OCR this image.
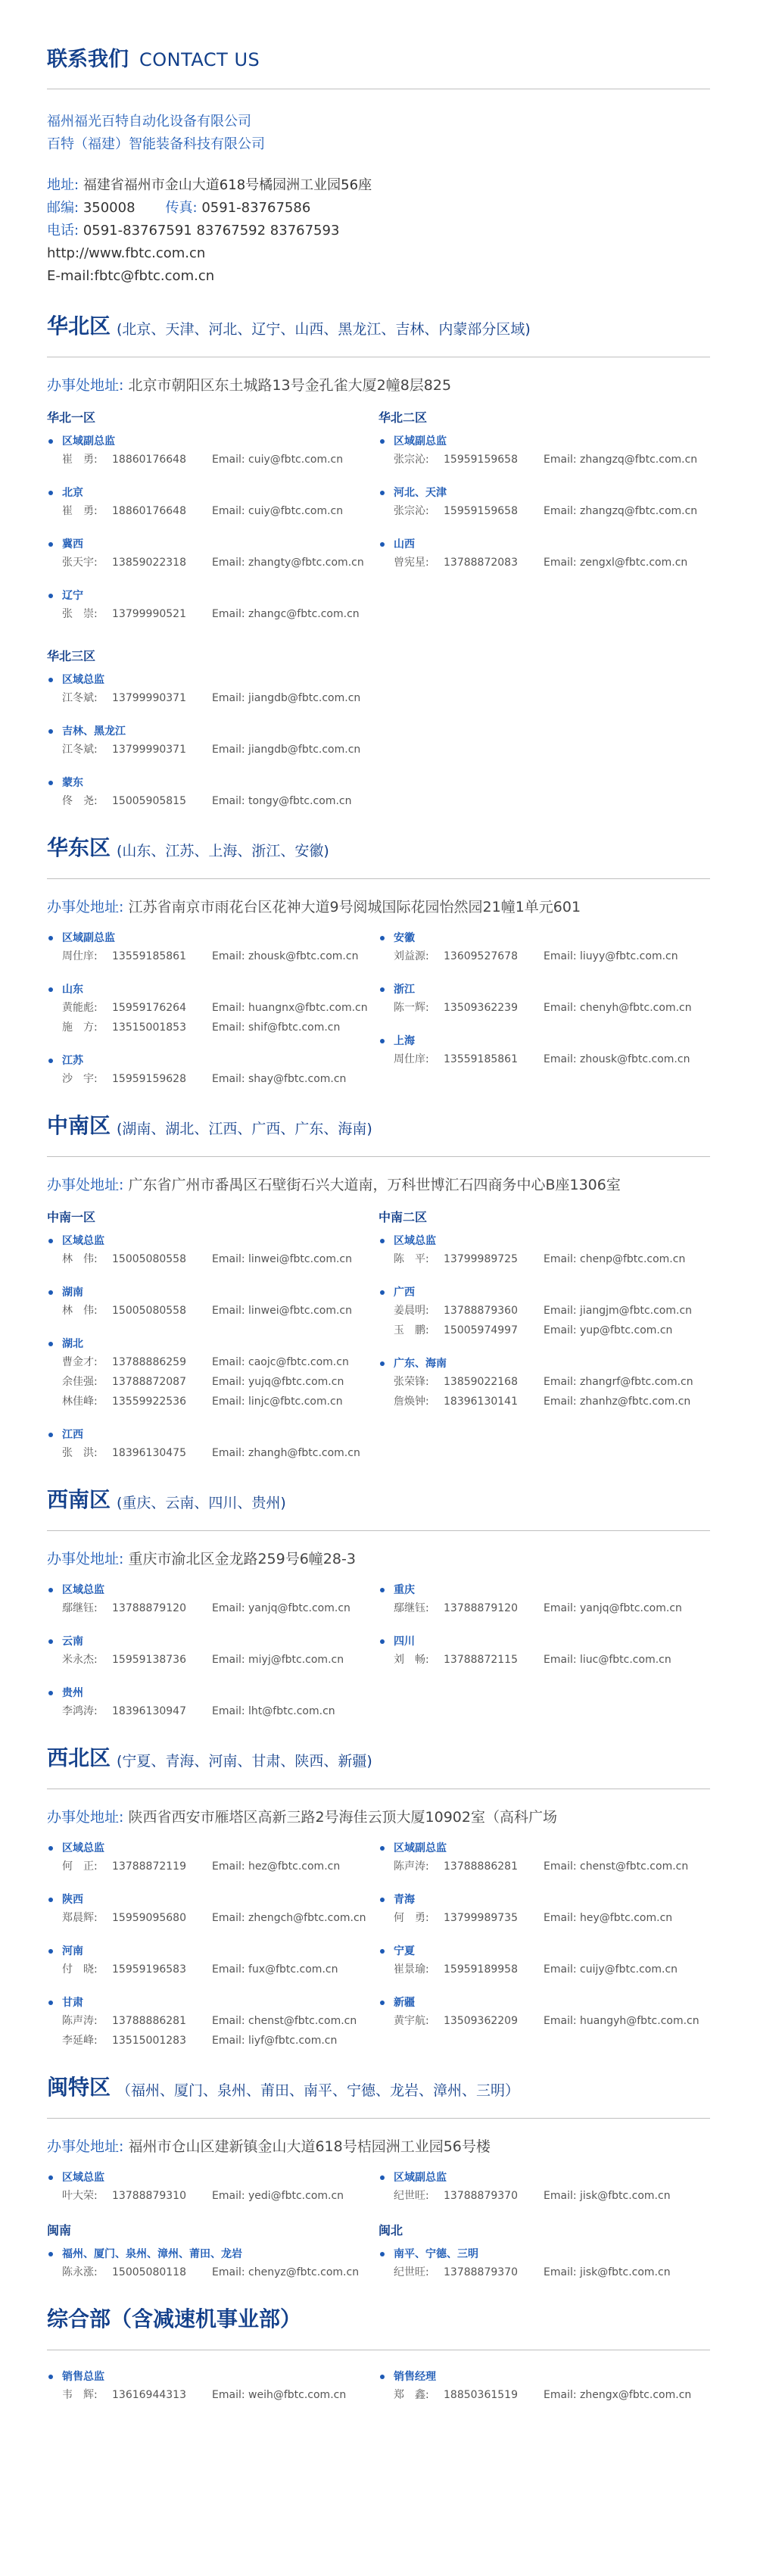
联系我们 CONTACT US
福州福光百特自动化设备有限公司
百特（福建）智能装备科技有限公司
地址: 福建省福州市金山大道618号橘园洲工业园56座
邮编: 350008 传真: 0591-83767586
电话: 0591-83767591 83767592 83767593
http://www.fbtc.com.cn
E-mail:fbtc@fbtc.com.cn
华北区 (北京、天津、河北、辽宁、山西、黑龙江、吉林、内蒙部分区域)
办事处地址: 北京市朝阳区东土城路13号金孔雀大厦2幢8层825
华北一区
区域副总监
崔　勇: 18860176648 Email: cuiy@fbtc.com.cn
北京
崔　勇: 18860176648 Email: cuiy@fbtc.com.cn
冀西
张天宇: 13859022318 Email: zhangty@fbtc.com.cn
辽宁
张　崇: 13799990521 Email: zhangc@fbtc.com.cn
华北三区
区域总监
江冬斌: 13799990371 Email: jiangdb@fbtc.com.cn
吉林、黑龙江
江冬斌: 13799990371 Email: jiangdb@fbtc.com.cn
蒙东
佟　尧: 15005905815 Email: tongy@fbtc.com.cn
华北二区
区域副总监
张宗沁: 15959159658 Email: zhangzq@fbtc.com.cn
河北、天津
张宗沁: 15959159658 Email: zhangzq@fbtc.com.cn
山西
曾宪星: 13788872083 Email: zengxl@fbtc.com.cn
华东区 (山东、江苏、上海、浙江、安徽)
办事处地址: 江苏省南京市雨花台区花神大道9号阅城国际花园怡然园21幢1单元601
区域副总监
周仕庠: 13559185861 Email: zhousk@fbtc.com.cn
山东
黄能彪: 15959176264 Email: huangnx@fbtc.com.cn
施　方: 13515001853 Email: shif@fbtc.com.cn
江苏
沙　宇: 15959159628 Email: shay@fbtc.com.cn
安徽
刘益源: 13609527678 Email: liuyy@fbtc.com.cn
浙江
陈一辉: 13509362239 Email: chenyh@fbtc.com.cn
上海
周仕庠: 13559185861 Email: zhousk@fbtc.com.cn
中南区 (湖南、湖北、江西、广西、广东、海南)
办事处地址: 广东省广州市番禺区石壁街石兴大道南，万科世博汇石四商务中心B座1306室
中南一区
区域总监
林　伟: 15005080558 Email: linwei@fbtc.com.cn
湖南
林　伟: 15005080558 Email: linwei@fbtc.com.cn
湖北
曹金才: 13788886259 Email: caojc@fbtc.com.cn
余佳强: 13788872087 Email: yujq@fbtc.com.cn
林佳峰: 13559922536 Email: linjc@fbtc.com.cn
江西
张　洪: 18396130475 Email: zhangh@fbtc.com.cn
中南二区
区域总监
陈　平: 13799989725 Email: chenp@fbtc.com.cn
广西
姜晨明: 13788879360 Email: jiangjm@fbtc.com.cn
玉　鹏: 15005974997 Email: yup@fbtc.com.cn
广东、海南
张荣锋: 13859022168 Email: zhangrf@fbtc.com.cn
詹焕钟: 18396130141 Email: zhanhz@fbtc.com.cn
西南区 (重庆、云南、四川、贵州)
办事处地址: 重庆市渝北区金龙路259号6幢28-3
区域总监
鄢继钰: 13788879120 Email: yanjq@fbtc.com.cn
云南
米永杰: 15959138736 Email: miyj@fbtc.com.cn
贵州
李鸿涛: 18396130947 Email: lht@fbtc.com.cn
重庆
鄢继钰: 13788879120 Email: yanjq@fbtc.com.cn
四川
刘　畅: 13788872115 Email: liuc@fbtc.com.cn
西北区 (宁夏、青海、河南、甘肃、陕西、新疆)
办事处地址: 陕西省西安市雁塔区高新三路2号海佳云顶大厦10902室（高科广场
区域总监
何　正: 13788872119 Email: hez@fbtc.com.cn
陕西
郑晨辉: 15959095680 Email: zhengch@fbtc.com.cn
河南
付　晓: 15959196583 Email: fux@fbtc.com.cn
甘肃
陈声涛: 13788886281 Email: chenst@fbtc.com.cn
李延峰: 13515001283 Email: liyf@fbtc.com.cn
区域副总监
陈声涛: 13788886281 Email: chenst@fbtc.com.cn
青海
何　勇: 13799989735 Email: hey@fbtc.com.cn
宁夏
崔景瑜: 15959189958 Email: cuijy@fbtc.com.cn
新疆
黄宇航: 13509362209 Email: huangyh@fbtc.com.cn
闽特区 （福州、厦门、泉州、莆田、南平、宁德、龙岩、漳州、三明）
办事处地址: 福州市仓山区建新镇金山大道618号桔园洲工业园56号楼
区域总监
叶大荣: 13788879310 Email: yedi@fbtc.com.cn
闽南
福州、厦门、泉州、漳州、莆田、龙岩
陈永涨: 15005080118 Email: chenyz@fbtc.com.cn
区域副总监
纪世旺: 13788879370 Email: jisk@fbtc.com.cn
闽北
南平、宁德、三明
纪世旺: 13788879370 Email: jisk@fbtc.com.cn
综合部（含减速机事业部）
销售总监
韦　辉: 13616944313 Email: weih@fbtc.com.cn
销售经理
郑　鑫: 18850361519 Email: zhengx@fbtc.com.cn
